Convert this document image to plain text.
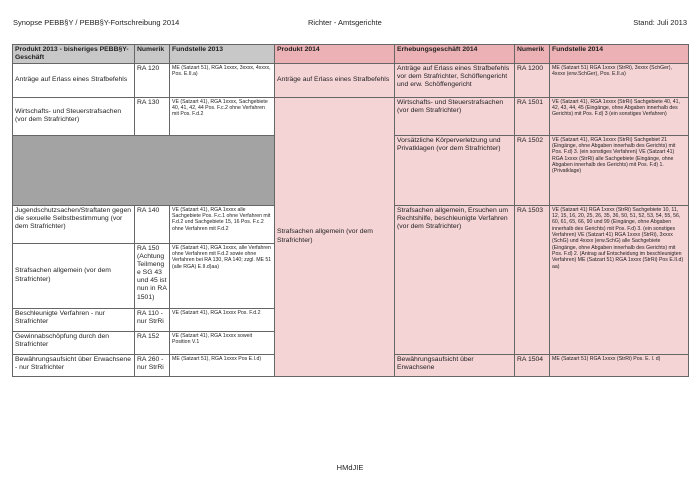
Synopse PEBB§Y / PEBB§Y-Fortschreibung 2014	Richter - Amtsgerichte	Stand: Juli 2013
Produkt 2013 - bisheriges PEBB§Y-Geschäft	Numerik	Fundstelle 2013	Produkt 2014	Erhebungsgeschäft 2014	Numerik	Fundstelle 2014
Anträge auf Erlass eines Strafbefehls	RA 120	ME (Satzart 51), RGA 1xxxx, 3xxxx, 4xxxx, Pos. E.II.a)	Anträge auf Erlass eines Strafbefehls	Anträge auf Erlass eines Strafbefehls vor dem Strafrichter, Schöffengericht und erw. Schöffengericht	RA 1200	ME (Satzart 51) RGA 1xxxx (StrRi), 3xxxx (SchGer), 4xxxx (erw.SchGer), Pos. E.II.a)
Wirtschafts- und Steuerstrafsachen (vor dem Strafrichter)	RA 130	VE (Satzart 41), RGA 1xxxx, Sachgebiete 40, 41, 42, 44 Pos. F.c.2 ohne Verfahren mit Pos. F.d.2	Strafsachen allgemein (vor dem Strafrichter)	Wirtschafts- und Steuerstrafsachen (vor dem Strafrichter)	RA 1501	VE (Satzart 41), RGA 1xxxx (StrRi) Sachgebiete 40, 41, 42, 43, 44, 45 (Eingänge, ohne Abgaben innerhalb des Gerichts) mit Pos. F.d) 3 (ein sonstiges Verfahren)
				Vorsätzliche Körperverletzung und Privatklagen (vor dem Strafrichter)	RA 1502	VE (Satzart 41), RGA 1xxxx (StrRi) Sachgebiet 21 (Eingänge, ohne Abgaben innerhalb des Gerichts) mit Pos. F.d) 3. (ein sonstiges Verfahren) VE (Satzart 41) RGA 1xxxx (StrRi) alle Sachgebiete (Eingänge, ohne Abgaben innerhalb des Gerichts) mit Pos. F.d) 1. (Privatklage)
Jugendschutzsachen/Straftaten gegen die sexuelle Selbstbestimmung (vor dem Strafrichter)	RA 140	VE (Satzart 41), RGA 1xxxx alle Sachgebiete Pos. F.c.1 ohne Verfahren mit F.d.2 und Sachgebiete 15, 16 Pos. F.c.2 ohne Verfahren mit F.d.2		Strafsachen allgemein, Ersuchen um Rechtshilfe, beschleunigte Verfahren (vor dem Strafrichter)	RA 1503	VE (Satzart 41) RGA 1xxxx (StrRi) Sachgebiete 10, 11, 12, 15, 16, 20, 25, 26, 35, 36, 50, 51, 52, 53, 54, 55, 56, 60, 61, 65, 66, 90 und 99 (Eingänge, ohne Abgaben innerhalb des Gerichts) mit Pos. F.d) 3. (ein sonstiges Verfahren) VE (Satzart 41) RGA 1xxxx (StrRi), 3xxxx (SchG) und 4xxxx (erw.SchG) alle Sachgebiete (Eingänge, ohne Abgaben innerhalb des Gerichts) mit Pos. F.d) 2. (Antrag auf Entscheidung im beschleunigten Verfahren) ME (Satzart 51) RGA 1xxxx (StrRi) Pos E.II.d) aa)
Strafsachen allgemein (vor dem Strafrichter)	RA 150 (Achtung Teilmenge SG 43 und 45 ist nun in RA 1501)	VE (Satzart 41), RGA 1xxxx, alle Verfahren ohne Verfahren mit F.d.2 sowie ohne Verfahren bei RA 130, RA 140; zzgl. ME 51 (alle RGA) E.II.d)aa)				
Beschleunigte Verfahren - nur Strafrichter	RA 110 - nur StrRi	VE (Satzart 41), RGA 1xxxx Pos. F.d.2				
Gewinnabschöpfung durch den Strafrichter	RA 152	VE (Satzart 41), RGA 1xxxx soweit Position V.1				
Bewährungsaufsicht über Erwachsene - nur Strafrichter	RA 260 - nur StrRi	ME (Satzart 51), RGA 1xxxx Pos E.I.d)		Bewährungsaufsicht über Erwachsene	RA 1504	ME (Satzart 51) RGA 1xxxx (StrRi) Pos. E. I. d)
HMdJIE
